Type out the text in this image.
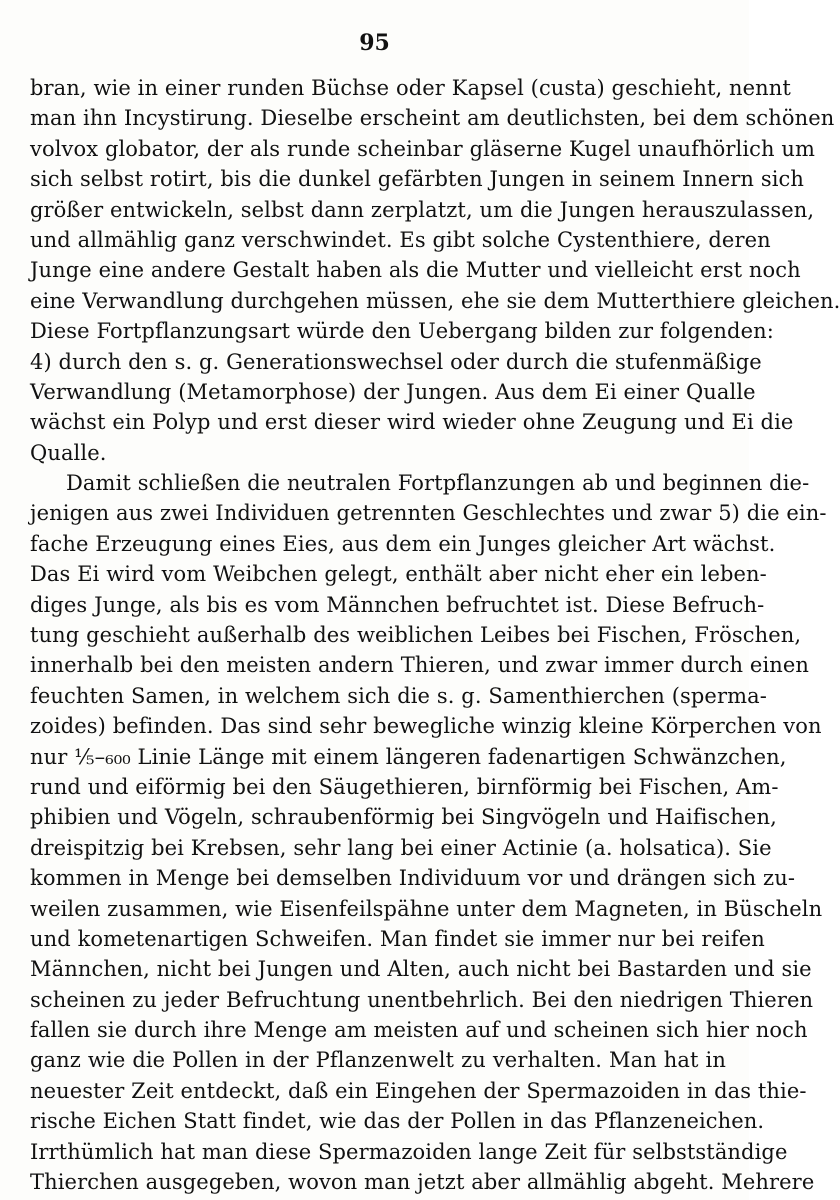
95
bran, wie in einer runden Büchse oder Kapsel (custa) geschieht, nennt
man ihn Incystirung. Dieselbe erscheint am deutlichsten, bei dem schönen
volvox globator, der als runde scheinbar gläserne Kugel unaufhörlich um
sich selbst rotirt, bis die dunkel gefärbten Jungen in seinem Innern sich
größer entwickeln, selbst dann zerplatzt, um die Jungen herauszulassen,
und allmählig ganz verschwindet. Es gibt solche Cystenthiere, deren
Junge eine andere Gestalt haben als die Mutter und vielleicht erst noch
eine Verwandlung durchgehen müssen, ehe sie dem Mutterthiere gleichen.
Diese Fortpflanzungsart würde den Uebergang bilden zur folgenden:
4) durch den s. g. Generationswechsel oder durch die stufenmäßige
Verwandlung (Metamorphose) der Jungen. Aus dem Ei einer Qualle
wächst ein Polyp und erst dieser wird wieder ohne Zeugung und Ei die
Qualle.
Damit schließen die neutralen Fortpflanzungen ab und beginnen die-
jenigen aus zwei Individuen getrennten Geschlechtes und zwar 5) die ein-
fache Erzeugung eines Eies, aus dem ein Junges gleicher Art wächst.
Das Ei wird vom Weibchen gelegt, enthält aber nicht eher ein leben-
diges Junge, als bis es vom Männchen befruchtet ist. Diese Befruch-
tung geschieht außerhalb des weiblichen Leibes bei Fischen, Fröschen,
innerhalb bei den meisten andern Thieren, und zwar immer durch einen
feuchten Samen, in welchem sich die s. g. Samenthierchen (sperma-
zoides) befinden. Das sind sehr bewegliche winzig kleine Körperchen von
nur ⅕–₆₀₀ Linie Länge mit einem längeren fadenartigen Schwänzchen,
rund und eiförmig bei den Säugethieren, birnförmig bei Fischen, Am-
phibien und Vögeln, schraubenförmig bei Singvögeln und Haifischen,
dreispitzig bei Krebsen, sehr lang bei einer Actinie (a. holsatica). Sie
kommen in Menge bei demselben Individuum vor und drängen sich zu-
weilen zusammen, wie Eisenfeilspähne unter dem Magneten, in Büscheln
und kometenartigen Schweifen. Man findet sie immer nur bei reifen
Männchen, nicht bei Jungen und Alten, auch nicht bei Bastarden und sie
scheinen zu jeder Befruchtung unentbehrlich. Bei den niedrigen Thieren
fallen sie durch ihre Menge am meisten auf und scheinen sich hier noch
ganz wie die Pollen in der Pflanzenwelt zu verhalten. Man hat in
neuester Zeit entdeckt, daß ein Eingehen der Spermazoiden in das thie-
rische Eichen Statt findet, wie das der Pollen in das Pflanzeneichen.
Irrthümlich hat man diese Spermazoiden lange Zeit für selbstständige
Thierchen ausgegeben, wovon man jetzt aber allmählig abgeht. Mehrere
